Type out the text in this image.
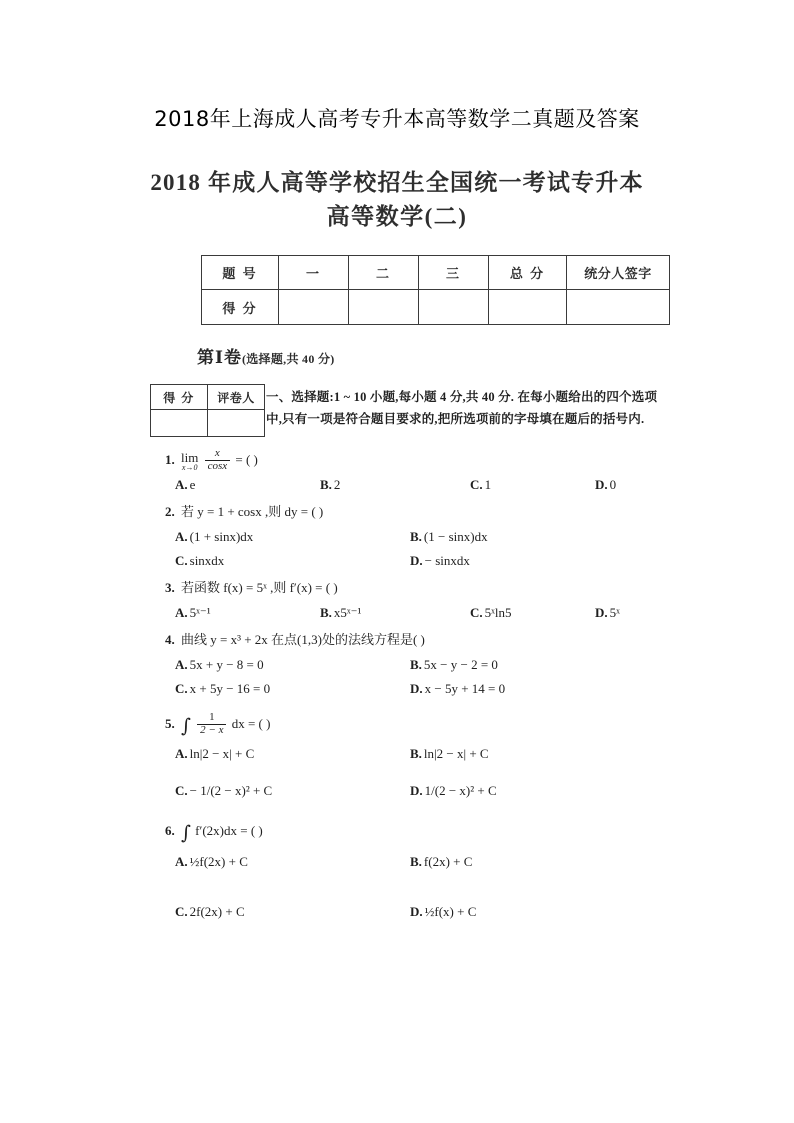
2018年上海成人高考专升本高等数学二真题及答案
2018 年成人高等学校招生全国统一考试专升本
高等数学(二)
题 号	一	二	三	总 分	统分人签字
得 分					
第Ⅰ卷(选择题,共 40 分)
得 分	评卷人
	一、选择题:1 ~ 10 小题,每小题 4 分,共 40 分. 在每小题给出的四个选项中,只有一项是符合题目要求的,把所选项前的字母填在题后的括号内.
1. lim
x→0
$\frac{x}{\cos x}$ = ( )
A. e	B. 2	C. 1	D. 0
2. 若 y = 1 + cosx ,则 dy = ( )
A. (1 + sinx)dx	B. (1 − sinx)dx
C. sinxdx	D. − sinxdx
3. 若函数 f(x) = 5ˣ ,则 f′(x) = ( )
A. 5ˣ⁻¹	B. x5ˣ⁻¹	C. 5ˣln5	D. 5ˣ
4. 曲线 y = x³ + 2x 在点(1,3)处的法线方程是( )
A. 5x + y − 8 = 0	B. 5x − y − 2 = 0
C. x + 5y − 16 = 0	D. x − 5y + 14 = 0
5. ∫ $\frac{1}{2 - x}$ dx = ( )
A. ln|2 − x| + C	B. ln|2 − x| + C
C. − 1/(2 − x)² + C	D. 1/(2 − x)² + C
6. ∫ f′(2x)dx = ( )
A. ½f(2x) + C	B. f(2x) + C
C. 2f(2x) + C	D. ½f(x) + C
